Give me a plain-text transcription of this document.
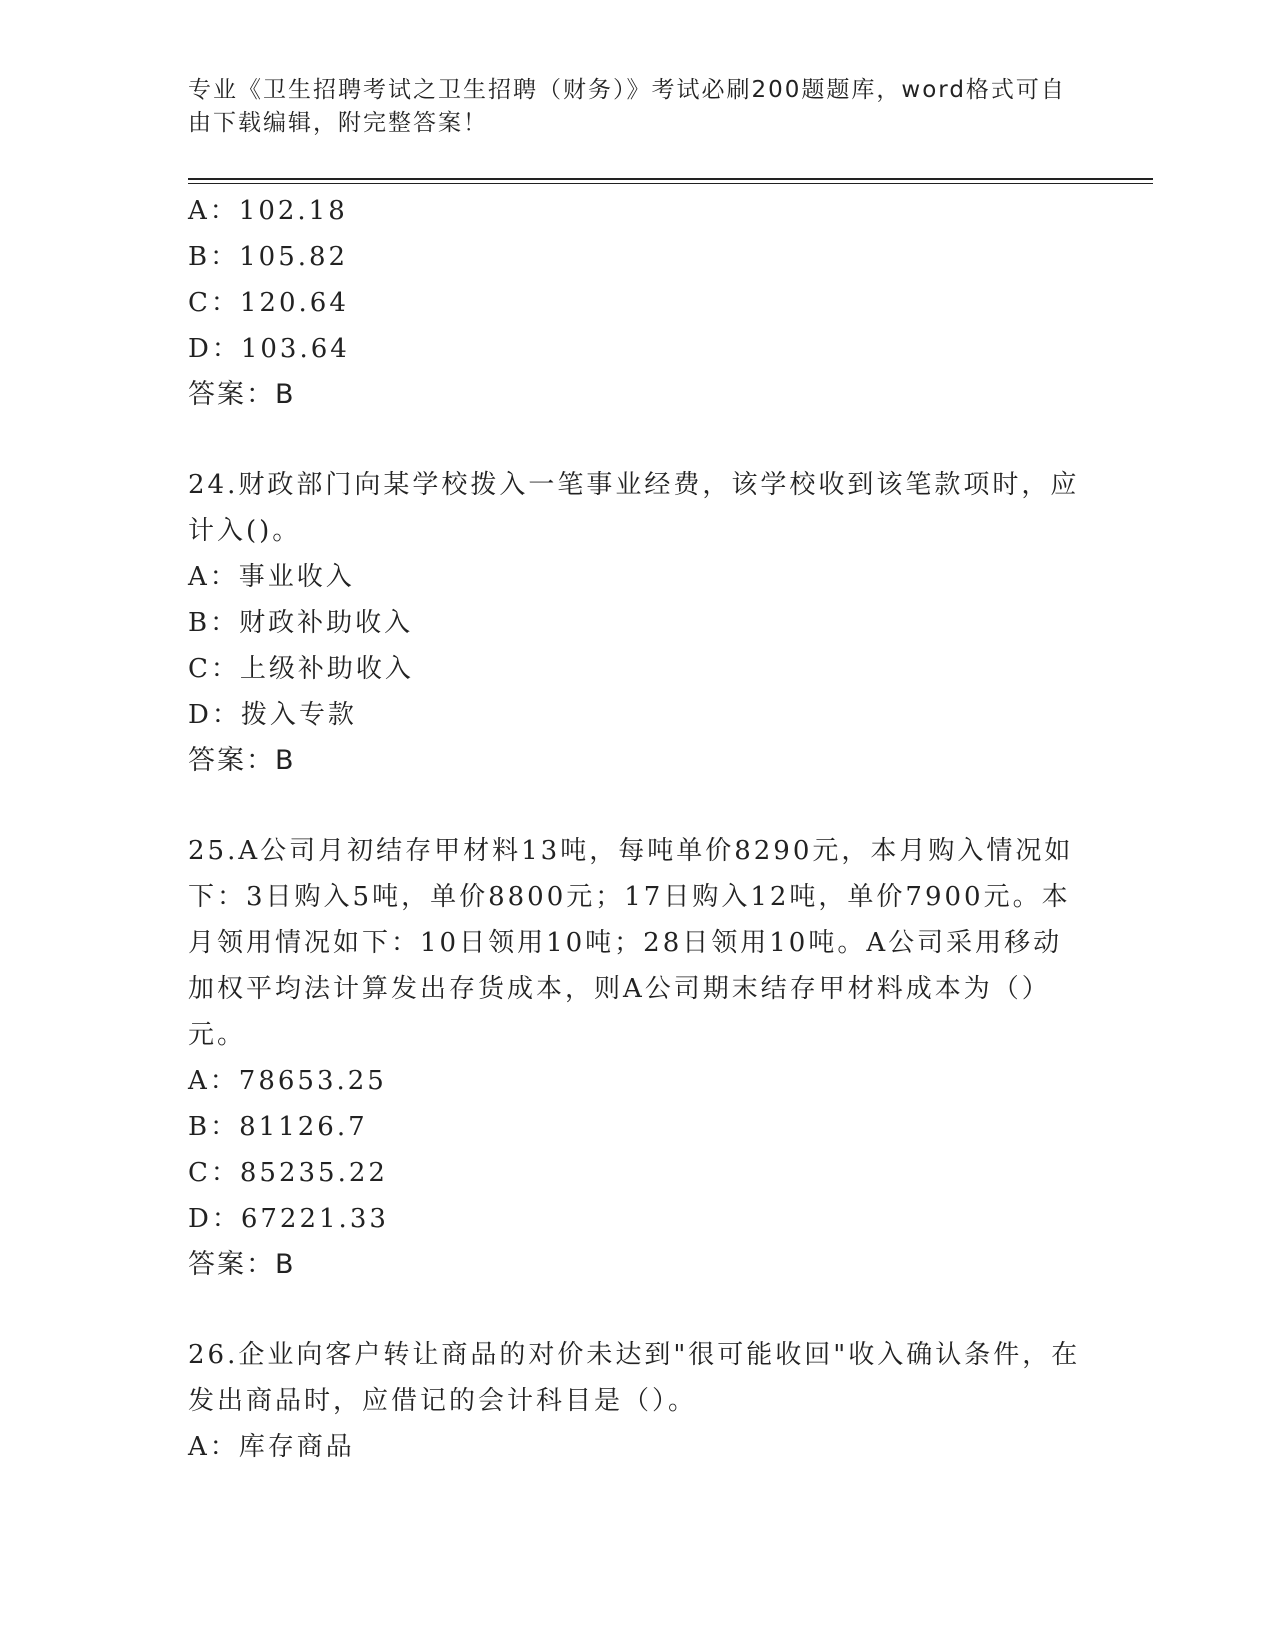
专业《卫生招聘考试之卫生招聘（财务）》考试必刷200题题库，word格式可自
由下载编辑，附完整答案！
A：102.18
B：105.82
C：120.64
D：103.64
答案：B
24.财政部门向某学校拨入一笔事业经费，该学校收到该笔款项时，应
计入()。
A：事业收入
B：财政补助收入
C：上级补助收入
D：拨入专款
答案：B
25.A公司月初结存甲材料13吨，每吨单价8290元，本月购入情况如
下：3日购入5吨，单价8800元；17日购入12吨，单价7900元。本
月领用情况如下：10日领用10吨；28日领用10吨。A公司采用移动
加权平均法计算发出存货成本，则A公司期末结存甲材料成本为（）
元。
A：78653.25
B：81126.7
C：85235.22
D：67221.33
答案：B
26.企业向客户转让商品的对价未达到"很可能收回"收入确认条件，在
发出商品时，应借记的会计科目是（）。
A：库存商品
